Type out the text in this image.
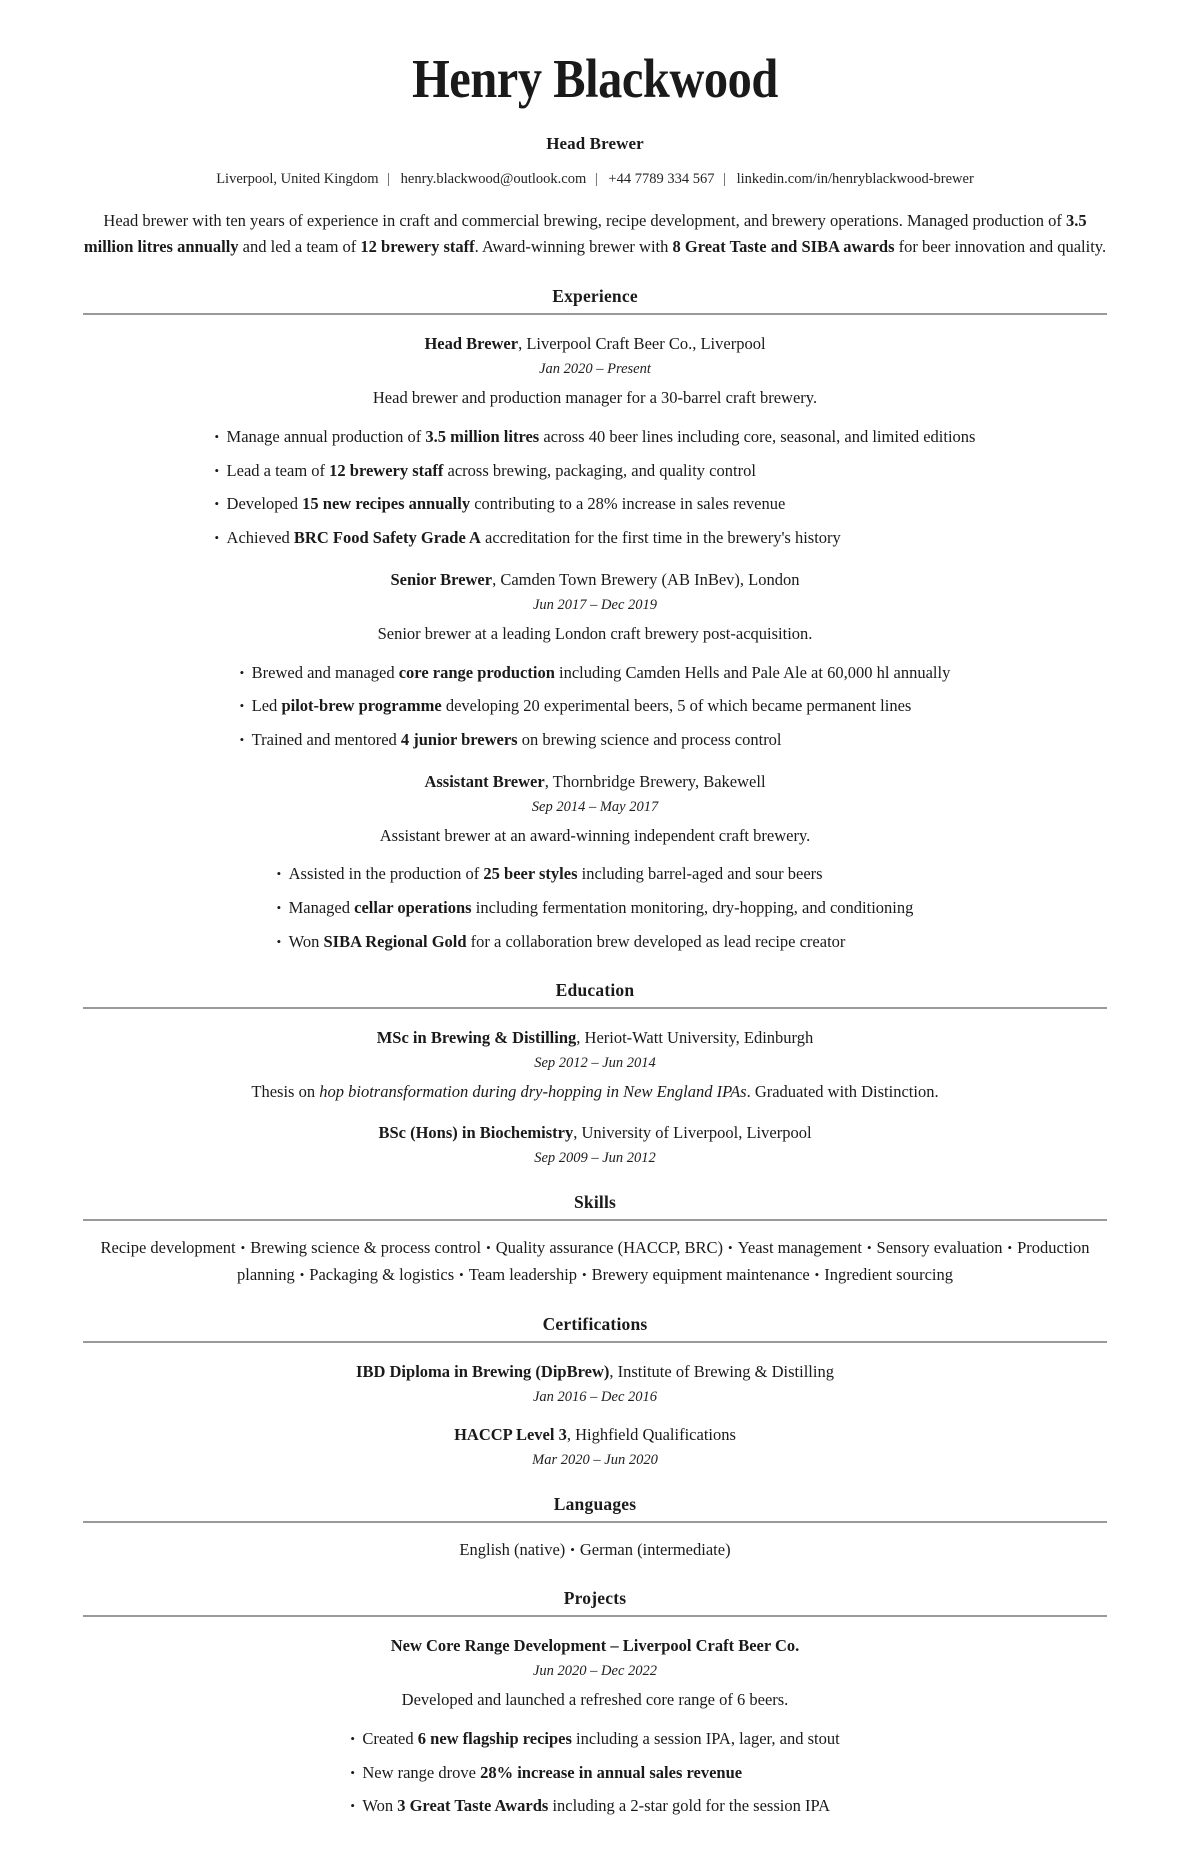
Henry Blackwood
Head Brewer
Liverpool, United Kingdom | henry.blackwood@outlook.com | +44 7789 334 567 | linkedin.com/in/henryblackwood-brewer
Head brewer with ten years of experience in craft and commercial brewing, recipe development, and brewery operations. Managed production of 3.5 million litres annually and led a team of 12 brewery staff. Award-winning brewer with 8 Great Taste and SIBA awards for beer innovation and quality.
Experience
Head Brewer, Liverpool Craft Beer Co., Liverpool
Jan 2020 – Present
Head brewer and production manager for a 30-barrel craft brewery.
• Manage annual production of 3.5 million litres across 40 beer lines including core, seasonal, and limited editions
• Lead a team of 12 brewery staff across brewing, packaging, and quality control
• Developed 15 new recipes annually contributing to a 28% increase in sales revenue
• Achieved BRC Food Safety Grade A accreditation for the first time in the brewery's history
Senior Brewer, Camden Town Brewery (AB InBev), London
Jun 2017 – Dec 2019
Senior brewer at a leading London craft brewery post-acquisition.
• Brewed and managed core range production including Camden Hells and Pale Ale at 60,000 hl annually
• Led pilot-brew programme developing 20 experimental beers, 5 of which became permanent lines
• Trained and mentored 4 junior brewers on brewing science and process control
Assistant Brewer, Thornbridge Brewery, Bakewell
Sep 2014 – May 2017
Assistant brewer at an award-winning independent craft brewery.
• Assisted in the production of 25 beer styles including barrel-aged and sour beers
• Managed cellar operations including fermentation monitoring, dry-hopping, and conditioning
• Won SIBA Regional Gold for a collaboration brew developed as lead recipe creator
Education
MSc in Brewing & Distilling, Heriot-Watt University, Edinburgh
Sep 2012 – Jun 2014
Thesis on hop biotransformation during dry-hopping in New England IPAs. Graduated with Distinction.
BSc (Hons) in Biochemistry, University of Liverpool, Liverpool
Sep 2009 – Jun 2012
Skills
Recipe development • Brewing science & process control • Quality assurance (HACCP, BRC) • Yeast management • Sensory evaluation • Production planning • Packaging & logistics • Team leadership • Brewery equipment maintenance • Ingredient sourcing
Certifications
IBD Diploma in Brewing (DipBrew), Institute of Brewing & Distilling
Jan 2016 – Dec 2016
HACCP Level 3, Highfield Qualifications
Mar 2020 – Jun 2020
Languages
English (native) • German (intermediate)
Projects
New Core Range Development – Liverpool Craft Beer Co.
Jun 2020 – Dec 2022
Developed and launched a refreshed core range of 6 beers.
• Created 6 new flagship recipes including a session IPA, lager, and stout
• New range drove 28% increase in annual sales revenue
• Won 3 Great Taste Awards including a 2-star gold for the session IPA
